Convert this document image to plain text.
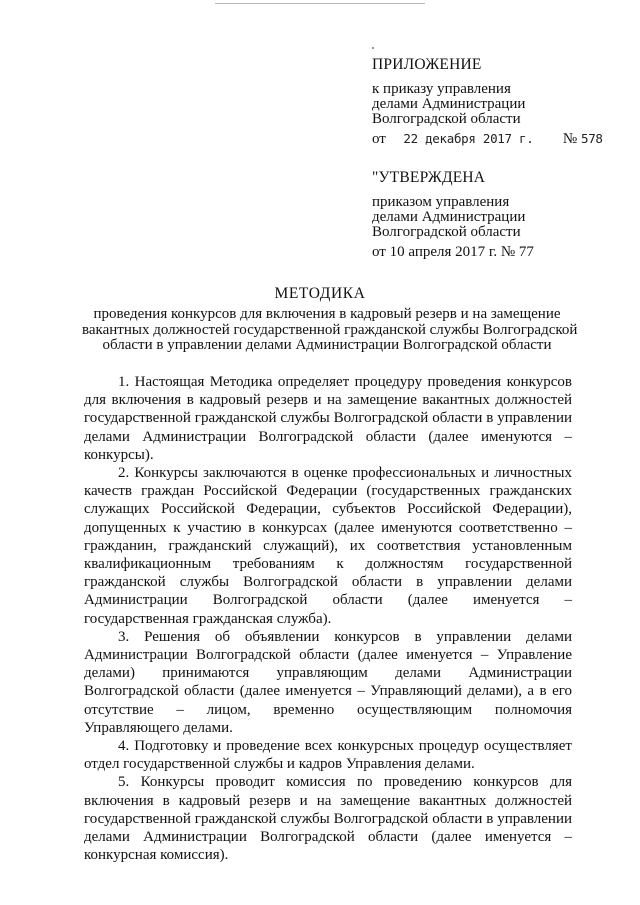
ПРИЛОЖЕНИЕ
к приказу управления
делами Администрации
Волгоградской области
от 22 декабря 2017 г. № 578
"УТВЕРЖДЕНА
приказом управления
делами Администрации
Волгоградской области
от 10 апреля 2017 г. № 77
МЕТОДИКА
проведения конкурсов для включения в кадровый резерв и на замещение
вакантных должностей государственной гражданской службы Волгоградской
области в управлении делами Администрации Волгоградской области

1. Настоящая Методика определяет процедуру проведения конкурсов для включения в кадровый резерв и на замещение вакантных должностей государственной гражданской службы Волгоградской области в управлении делами Администрации Волгоградской области (далее именуются – конкурсы).

2. Конкурсы заключаются в оценке профессиональных и личностных качеств граждан Российской Федерации (государственных гражданских служащих Российской Федерации, субъектов Российской Федерации), допущенных к участию в конкурсах (далее именуются соответственно – гражданин, гражданский служащий), их соответствия установленным квалификационным требованиям к должностям государственной гражданской службы Волгоградской области в управлении делами Администрации Волгоградской области (далее именуется – государственная гражданская служба).

3. Решения об объявлении конкурсов в управлении делами Администрации Волгоградской области (далее именуется – Управление делами) принимаются управляющим делами Администрации Волгоградской области (далее именуется – Управляющий делами), а в его отсутствие – лицом, временно осуществляющим полномочия Управляющего делами.

4. Подготовку и проведение всех конкурсных процедур осуществляет отдел государственной службы и кадров Управления делами.

5. Конкурсы проводит комиссия по проведению конкурсов для включения в кадровый резерв и на замещение вакантных должностей государственной гражданской службы Волгоградской области в управлении делами Администрации Волгоградской области (далее именуется – конкурсная комиссия).
